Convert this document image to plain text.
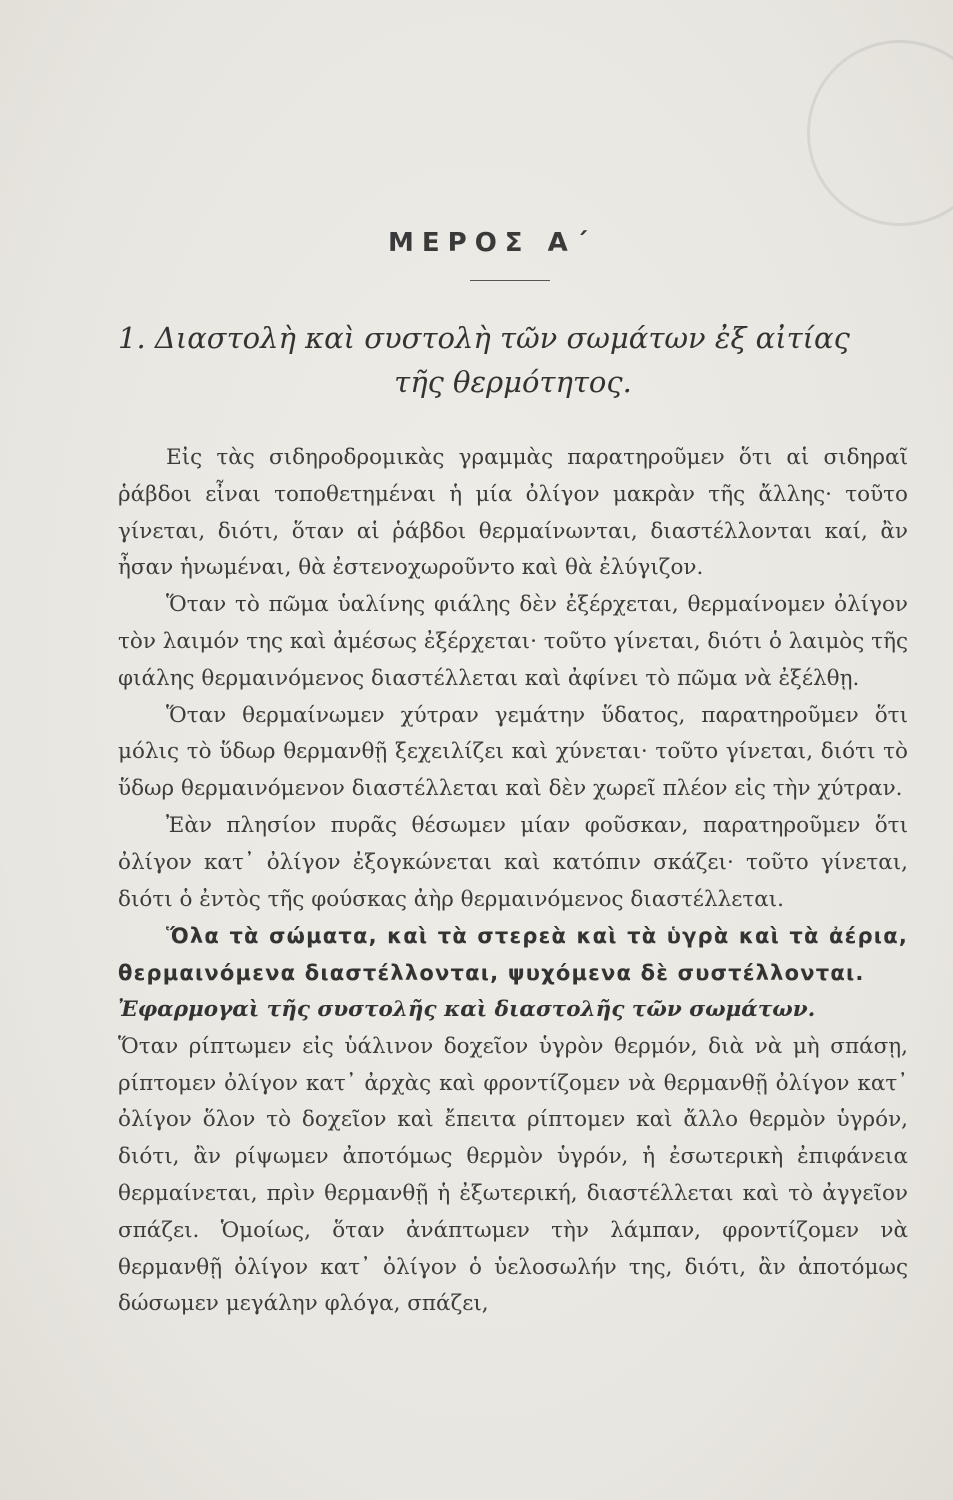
ΜΕΡΟΣ Α΄
1. Διαστολὴ καὶ συστολὴ τῶν σωμάτων ἐξ αἰτίας
τῆς θερμότητος.

Εἰς τὰς σιδηροδρομικὰς γραμμὰς παρατηροῦμεν ὅτι αἱ σιδηραῖ ῥάβδοι εἶναι τοποθετημέναι ἡ μία ὀλίγον μακρὰν τῆς ἄλλης· τοῦτο γίνεται, διότι, ὅταν αἱ ῥάβδοι θερμαίνωνται, διαστέλλονται καί, ἂν ἦσαν ἡνωμέναι, θὰ ἐστενοχωροῦντο καὶ θὰ ἐλύγιζον.

Ὅταν τὸ πῶμα ὑαλίνης φιάλης δὲν ἐξέρχεται, θερμαίνομεν ὀλίγον τὸν λαιμόν της καὶ ἀμέσως ἐξέρχεται· τοῦτο γίνεται, διότι ὁ λαιμὸς τῆς φιάλης θερμαινόμενος διαστέλλεται καὶ ἀφίνει τὸ πῶμα νὰ ἐξέλθῃ.

Ὅταν θερμαίνωμεν χύτραν γεμάτην ὕδατος, παρατηροῦμεν ὅτι μόλις τὸ ὕδωρ θερμανθῇ ξεχειλίζει καὶ χύνεται· τοῦτο γίνεται, διότι τὸ ὕδωρ θερμαινόμενον διαστέλλεται καὶ δὲν χωρεῖ πλέον εἰς τὴν χύτραν.

Ἐὰν πλησίον πυρᾶς θέσωμεν μίαν φοῦσκαν, παρατηροῦμεν ὅτι ὀλίγον κατ᾽ ὀλίγον ἐξογκώνεται καὶ κατόπιν σκάζει· τοῦτο γίνεται, διότι ὁ ἐντὸς τῆς φούσκας ἀὴρ θερμαινόμενος διαστέλλεται.

Ὅλα τὰ σώματα, καὶ τὰ στερεὰ καὶ τὰ ὑγρὰ καὶ τὰ ἀέρια, θερμαινόμενα διαστέλλονται, ψυχόμενα δὲ συστέλλονται.

Ἐφαρμογαὶ τῆς συστολῆς καὶ διαστολῆς τῶν σωμάτων.

Ὅταν ρίπτωμεν εἰς ὑάλινον δοχεῖον ὑγρὸν θερμόν, διὰ νὰ μὴ σπάσῃ, ρίπτομεν ὀλίγον κατ᾽ ἀρχὰς καὶ φροντίζομεν νὰ θερμανθῇ ὀλίγον κατ᾽ ὀλίγον ὅλον τὸ δοχεῖον καὶ ἔπειτα ρίπτομεν καὶ ἄλλο θερμὸν ὑγρόν, διότι, ἂν ρίψωμεν ἀποτόμως θερμὸν ὑγρόν, ἡ ἐσωτερικὴ ἐπιφάνεια θερμαίνεται, πρὶν θερμανθῇ ἡ ἐξωτερική, διαστέλλεται καὶ τὸ ἀγγεῖον σπάζει. Ὁμοίως, ὅταν ἀνάπτωμεν τὴν λάμπαν, φροντίζομεν νὰ θερμανθῇ ὀλίγον κατ᾽ ὀλίγον ὁ ὑελοσωλήν της, διότι, ἂν ἀποτόμως δώσωμεν μεγάλην φλόγα, σπάζει,
